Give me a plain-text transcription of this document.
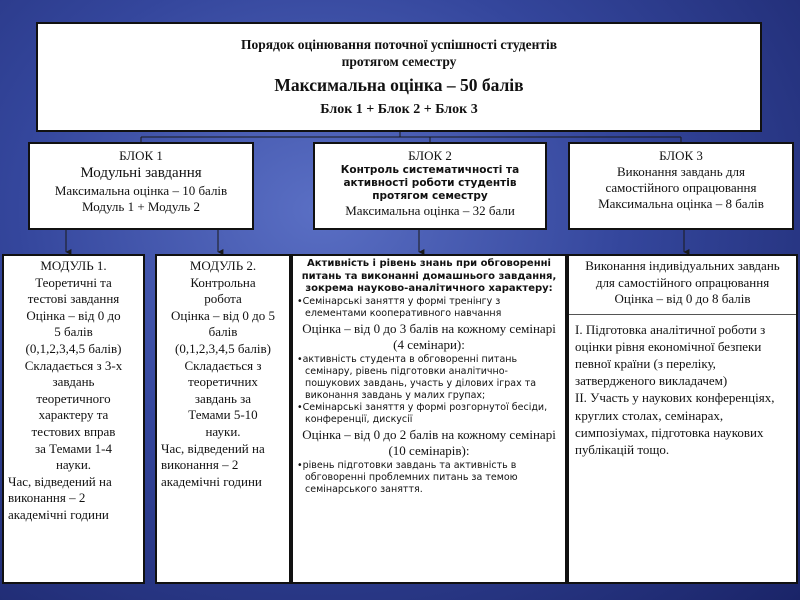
Порядок оцінювання поточної успішності студентів
протягом семестру
Максимальна оцінка – 50 балів
Блок 1 + Блок 2 + Блок 3
БЛОК 1
Модульні завдання
Максимальна оцінка – 10 балів
Модуль 1 + Модуль 2
БЛОК 2
Контроль систематичності та
активності роботи студентів
протягом семестру
Максимальна оцінка – 32 бали
БЛОК 3
Виконання завдань для
самостійного опрацювання
Максимальна оцінка – 8 балів
МОДУЛЬ 1.
Теоретичні та
тестові завдання
Оцінка – від 0 до
5 балів
(0,1,2,3,4,5 балів)
Складається з 3-х
завдань
теоретичного
характеру та
тестових вправ
за Темами 1-4
науки.
Час, відведений на виконання – 2 академічні години
МОДУЛЬ 2.
Контрольна
робота
Оцінка – від 0 до 5
балів
(0,1,2,3,4,5 балів)
Складається з
теоретичних
завдань за
Темами 5-10
науки.
Час, відведений на виконання – 2 академічні години
Активність і рівень знань при обговоренні питань та виконанні домашнього завдання, зокрема науково-аналітичного характеру:
•Семінарські заняття у формі тренінгу з елементами кооперативного навчання
Оцінка – від 0 до 3 балів на кожному семінарі (4 семінари):
•активність студента в обговоренні питань семінару, рівень підготовки аналітично-пошукових завдань, участь у ділових іграх та виконання завдань у малих групах;
•Семінарські заняття у формі розгорнутої бесіди, конференції, дискусії
Оцінка – від 0 до 2 балів на кожному семінарі (10 семінарів):
•рівень підготовки завдань та активність в обговоренні проблемних питань за темою семінарського заняття.
Виконання індивідуальних завдань для самостійного опрацювання
Оцінка – від 0 до 8 балів
І. Підготовка аналітичної роботи з оцінки рівня економічної безпеки певної країни (з переліку, затвердженого викладачем)
ІІ. Участь у наукових конференціях, круглих столах, семінарах, симпозіумах, підготовка наукових публікацій тощо.
